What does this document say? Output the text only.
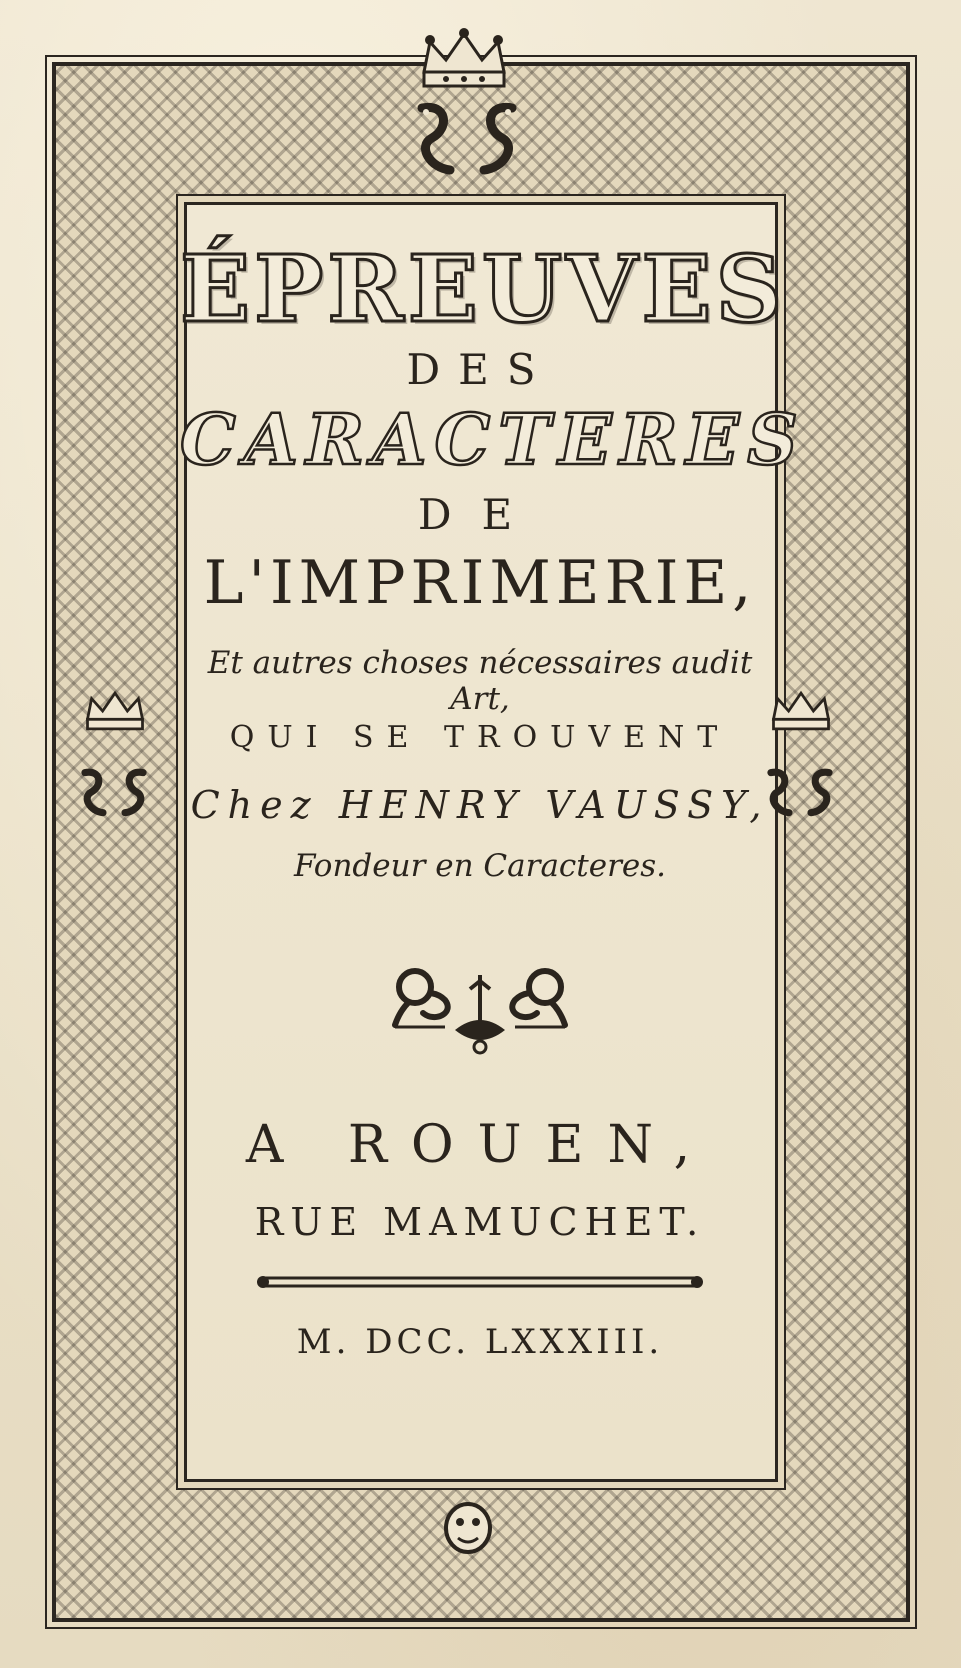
ÉPREUVES
DES
CARACTERES
DE
L'IMPRIMERIE,
Et autres choses nécessaires audit Art,
QUI SE TROUVENT
Chez HENRY VAUSSY,
Fondeur en Caracteres.
A ROUEN,
RUE MAMUCHET.
M. DCC. LXXXIII.
